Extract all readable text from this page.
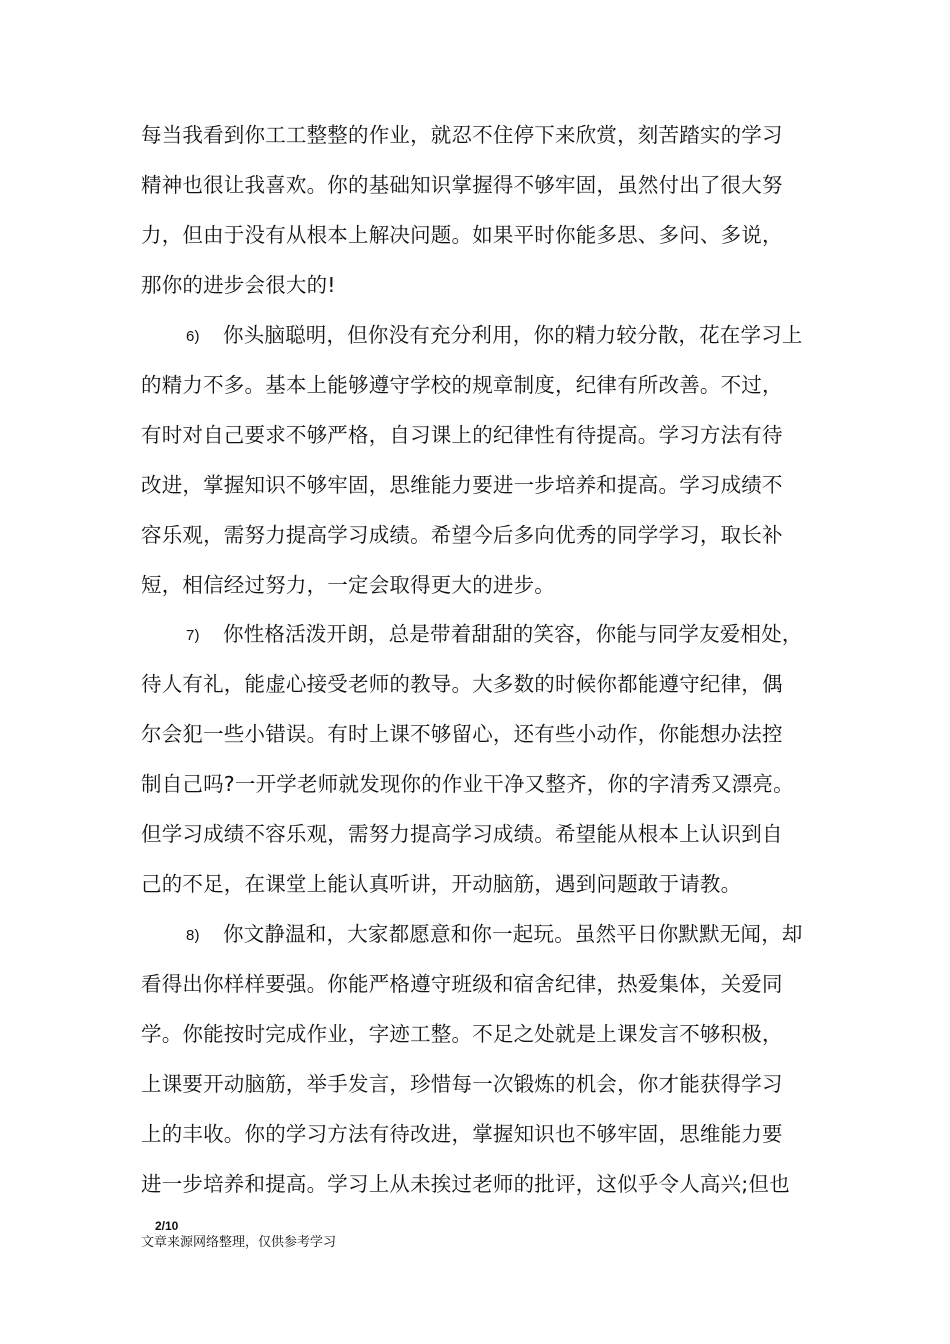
每当我看到你工工整整的作业，就忍不住停下来欣赏，刻苦踏实的学习
精神也很让我喜欢。你的基础知识掌握得不够牢固，虽然付出了很大努
力，但由于没有从根本上解决问题。如果平时你能多思、多问、多说，
那你的进步会很大的!
6) 你头脑聪明，但你没有充分利用，你的精力较分散，花在学习上
的精力不多。基本上能够遵守学校的规章制度，纪律有所改善。不过，
有时对自己要求不够严格，自习课上的纪律性有待提高。学习方法有待
改进，掌握知识不够牢固，思维能力要进一步培养和提高。学习成绩不
容乐观，需努力提高学习成绩。希望今后多向优秀的同学学习，取长补
短，相信经过努力，一定会取得更大的进步。
7) 你性格活泼开朗，总是带着甜甜的笑容，你能与同学友爱相处，
待人有礼，能虚心接受老师的教导。大多数的时候你都能遵守纪律，偶
尔会犯一些小错误。有时上课不够留心，还有些小动作，你能想办法控
制自己吗?一开学老师就发现你的作业干净又整齐，你的字清秀又漂亮。
但学习成绩不容乐观，需努力提高学习成绩。希望能从根本上认识到自
己的不足，在课堂上能认真听讲，开动脑筋，遇到问题敢于请教。
8) 你文静温和，大家都愿意和你一起玩。虽然平日你默默无闻，却
看得出你样样要强。你能严格遵守班级和宿舍纪律，热爱集体，关爱同
学。你能按时完成作业，字迹工整。不足之处就是上课发言不够积极，
上课要开动脑筋，举手发言，珍惜每一次锻炼的机会，你才能获得学习
上的丰收。你的学习方法有待改进，掌握知识也不够牢固，思维能力要
进一步培养和提高。学习上从未挨过老师的批评，这似乎令人高兴;但也
2/10
文章来源网络整理，仅供参考学习
